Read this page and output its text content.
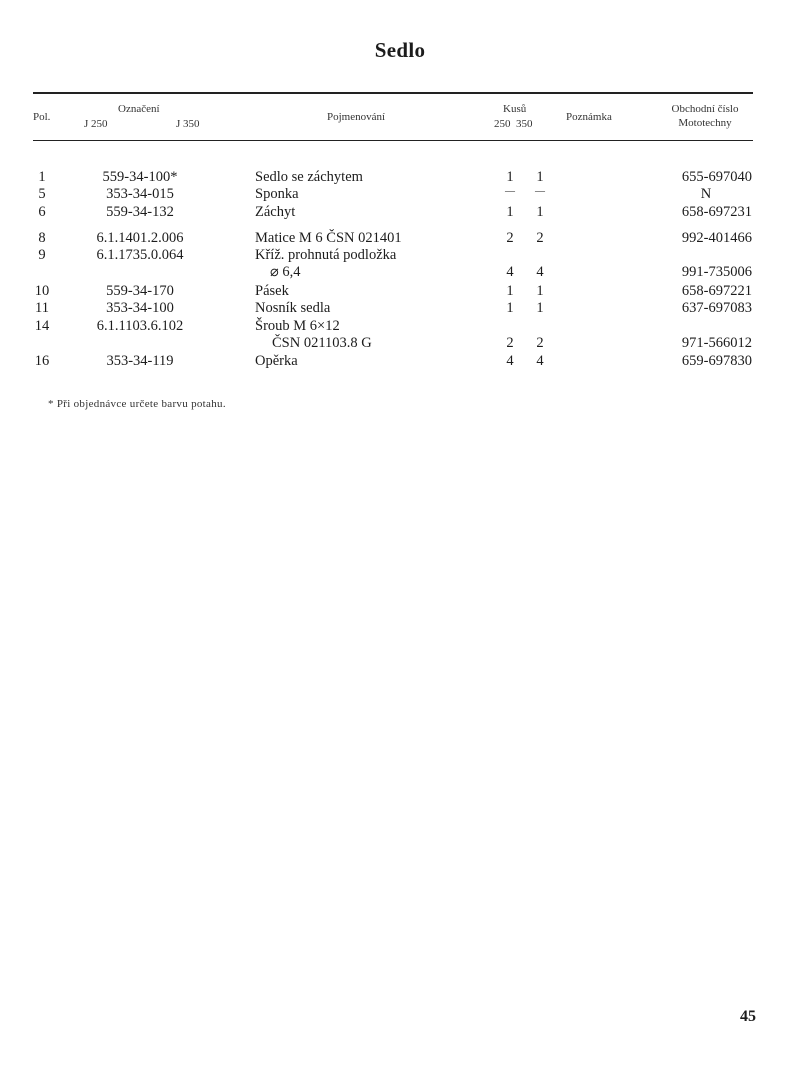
Sedlo
Pol.
Označení
J 250	J 350
Pojmenování
Kusů
250  350
Poznámka
Obchodní číslo
Mototechny
1	559-34-100*	Sedlo se záchytem	1	1	655-697040
5	353-34-015	Sponka	—	—	N
6	559-34-132	Záchyt	1	1	658-697231
8	6.1.1401.2.006	Matice M 6 ČSN 021401	2	2	992-401466
9	6.1.1735.0.064	Kříž. prohnutá podložka
⌀ 6,4	4	4	991-735006
10	559-34-170	Pásek	1	1	658-697221
11	353-34-100	Nosník sedla	1	1	637-697083
14	6.1.1103.6.102	Šroub M 6×12
ČSN 021103.8 G	2	2	971-566012
16	353-34-119	Opěrka	4	4	659-697830
* Při objednávce určete barvu potahu.
45
